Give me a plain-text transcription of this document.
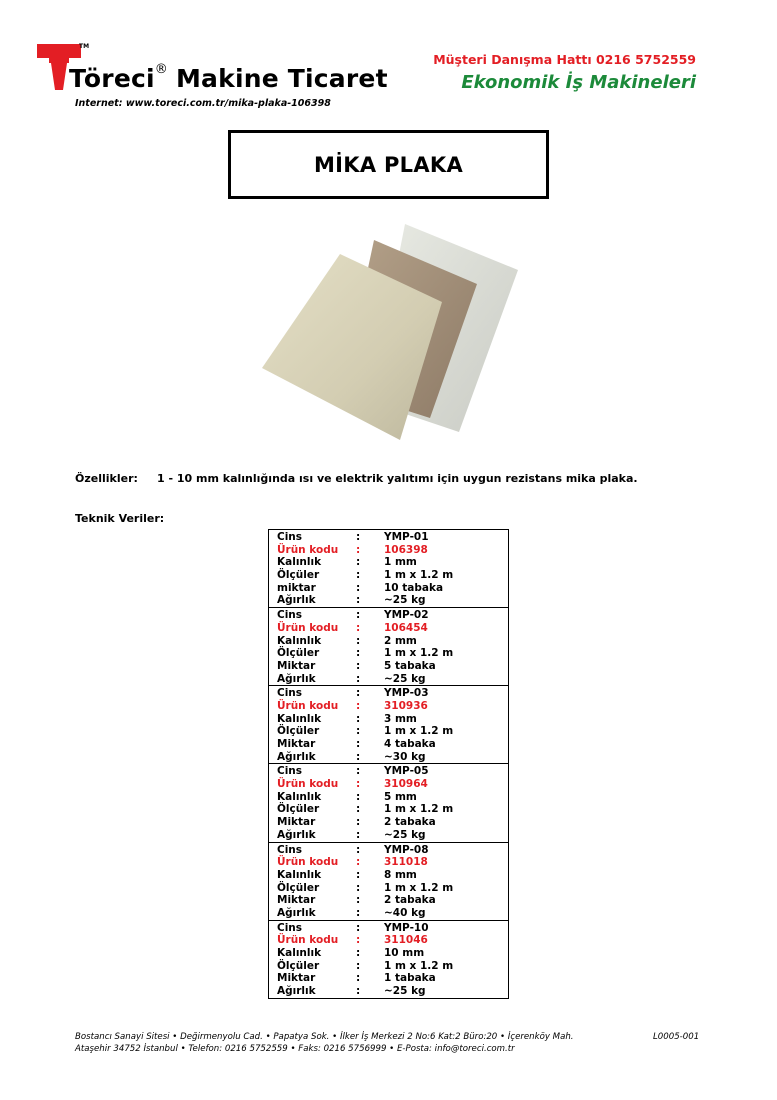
TM
Töreci® Makine Ticaret
Internet: www.toreci.com.tr/mika-plaka-106398
Müşteri Danışma Hattı 0216 5752559
Ekonomik İş Makineleri
MİKA PLAKA
Özellikler: 1 - 10 mm kalınlığında ısı ve elektrik yalıtımı için uygun rezistans mika plaka.
Teknik Veriler:
Cins	:	YMP-01
Ürün kodu	:	106398
Kalınlık	:	1 mm
Ölçüler	:	1 m x 1.2 m
miktar	:	10 tabaka
Ağırlık	:	~25 kg
Cins	:	YMP-02
Ürün kodu	:	106454
Kalınlık	:	2 mm
Ölçüler	:	1 m x 1.2 m
Miktar	:	5 tabaka
Ağırlık	:	~25 kg
Cins	:	YMP-03
Ürün kodu	:	310936
Kalınlık	:	3 mm
Ölçüler	:	1 m x 1.2 m
Miktar	:	4 tabaka
Ağırlık	:	~30 kg
Cins	:	YMP-05
Ürün kodu	:	310964
Kalınlık	:	5 mm
Ölçüler	:	1 m x 1.2 m
Miktar	:	2 tabaka
Ağırlık	:	~25 kg
Cins	:	YMP-08
Ürün kodu	:	311018
Kalınlık	:	8 mm
Ölçüler	:	1 m x 1.2 m
Miktar	:	2 tabaka
Ağırlık	:	~40 kg
Cins	:	YMP-10
Ürün kodu	:	311046
Kalınlık	:	10 mm
Ölçüler	:	1 m x 1.2 m
Miktar	:	1 tabaka
Ağırlık	:	~25 kg
Bostancı Sanayi Sitesi • Değirmenyolu Cad. • Papatya Sok. • İlker İş Merkezi 2 No:6 Kat:2 Büro:20 • İçerenköy Mah.
Ataşehir 34752 İstanbul • Telefon: 0216 5752559 • Faks: 0216 5756999 • E-Posta: info@toreci.com.tr
L0005-001
